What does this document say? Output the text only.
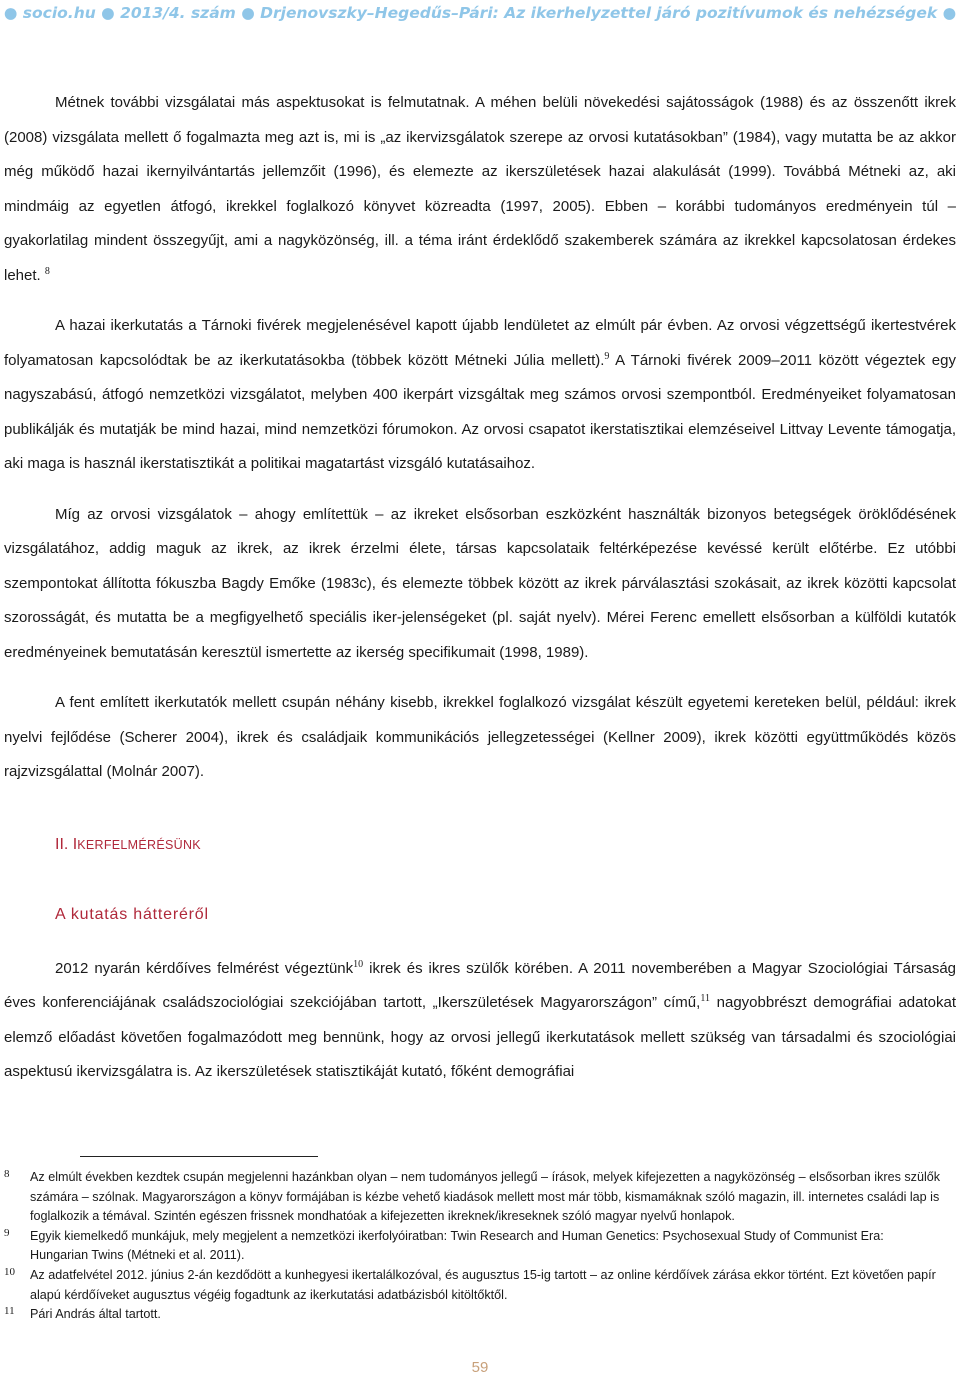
● socio.hu ● 2013/4. szám ● Drjenovszky–Hegedűs–Pári: Az ikerhelyzettel járó pozitívumok és nehézségek ●

Métnek további vizsgálatai más aspektusokat is felmutatnak. A méhen belüli növekedési sajátosságok (1988) és az összenőtt ikrek (2008) vizsgálata mellett ő fogalmazta meg azt is, mi is „az ikervizsgálatok szerepe az orvosi kutatásokban” (1984), vagy mutatta be az akkor még működő hazai ikernyilvántartás jellemzőit (1996), és elemezte az ikerszületések hazai alakulását (1999). Továbbá Métneki az, aki mindmáig az egyetlen átfogó, ikrekkel foglalkozó könyvet közreadta (1997, 2005). Ebben – korábbi tudományos eredményein túl – gyakorlatilag mindent összegyűjt, ami a nagyközönség, ill. a téma iránt érdeklődő szakemberek számára az ikrekkel kapcsolatosan érdekes lehet. $^8$

A hazai ikerkutatás a Tárnoki fivérek megjelenésével kapott újabb lendületet az elmúlt pár évben. Az orvosi végzettségű ikertestvérek folyamatosan kapcsolódtak be az ikerkutatásokba (többek között Métneki Júlia mellett).$^9$ A Tárnoki fivérek 2009–2011 között végeztek egy nagyszabású, átfogó nemzetközi vizsgálatot, melyben 400 ikerpárt vizsgáltak meg számos orvosi szempontból. Eredményeiket folyamatosan publikálják és mutatják be mind hazai, mind nemzetközi fórumokon. Az orvosi csapatot ikerstatisztikai elemzéseivel Littvay Levente támogatja, aki maga is használ ikerstatisztikát a politikai magatartást vizsgáló kutatásaihoz.

Míg az orvosi vizsgálatok – ahogy említettük – az ikreket elsősorban eszközként használták bizonyos betegségek öröklődésének vizsgálatához, addig maguk az ikrek, az ikrek érzelmi élete, társas kapcsolataik feltérképezése kevéssé került előtérbe. Ez utóbbi szempontokat állította fókuszba Bagdy Emőke (1983c), és elemezte többek között az ikrek párválasztási szokásait, az ikrek közötti kapcsolat szorosságát, és mutatta be a megfigyelhető speciális iker-jelenségeket (pl. saját nyelv). Mérei Ferenc emellett elsősorban a külföldi kutatók eredményeinek bemutatásán keresztül ismertette az ikerség specifikumait (1998, 1989).

A fent említett ikerkutatók mellett csupán néhány kisebb, ikrekkel foglalkozó vizsgálat készült egyetemi kereteken belül, például: ikrek nyelvi fejlődése (Scherer 2004), ikrek és családjaik kommunikációs jellegzetességei (Kellner 2009), ikrek közötti együttműködés közös rajzvizsgálattal (Molnár 2007).

II. IKERFELMÉRÉSÜNK

A kutatás hátteréről

2012 nyarán kérdőíves felmérést végeztünk$^{10}$ ikrek és ikres szülők körében. A 2011 novemberében a Magyar Szociológiai Társaság éves konferenciájának családszociológiai szekciójában tartott, „Ikerszületések Magyarországon” című,$^{11}$ nagyobbrészt demográfiai adatokat elemző előadást követően fogalmazódott meg bennünk, hogy az orvosi jellegű ikerkutatások mellett szükség van társadalmi és szociológiai aspektusú ikervizsgálatra is. Az ikerszületések statisztikáját kutató, főként demográfiai

8 Az elmúlt években kezdtek csupán megjelenni hazánkban olyan – nem tudományos jellegű – írások, melyek kifejezetten a nagyközönség – elsősorban ikres szülők számára – szólnak. Magyarországon a könyv formájában is kézbe vehető kiadások mellett most már több, kismamáknak szóló magazin, ill. internetes családi lap is foglalkozik a témával. Szintén egészen frissnek mondhatóak a kifejezetten ikreknek/ikreseknek szóló magyar nyelvű honlapok.

9 Egyik kiemelkedő munkájuk, mely megjelent a nemzetközi ikerfolyóiratban: Twin Research and Human Genetics: Psychosexual Study of Communist Era: Hungarian Twins (Métneki et al. 2011).

10 Az adatfelvétel 2012. június 2-án kezdődött a kunhegyesi ikertalálkozóval, és augusztus 15-ig tartott – az online kérdőívek zárása ekkor történt. Ezt követően papír alapú kérdőíveket augusztus végéig fogadtunk az ikerkutatási adatbázisból kitöltőktől.

11 Pári András által tartott.

59
